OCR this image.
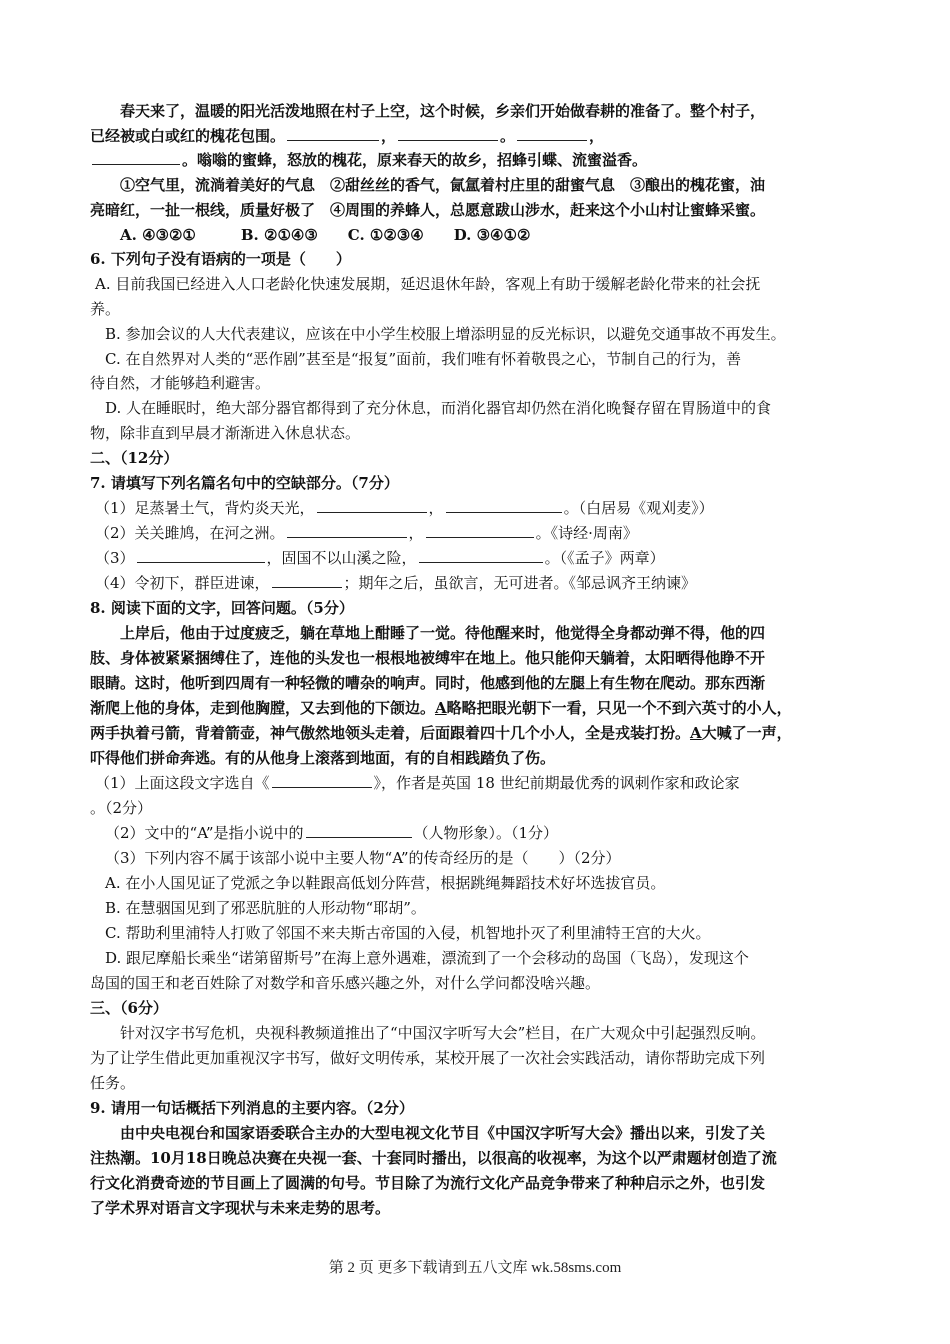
春天来了，温暖的阳光活泼地照在村子上空，这个时候，乡亲们开始做春耕的准备了。整个村子，
已经被或白或红的槐花包围。	，	。	，
。嗡嗡的蜜蜂，怒放的槐花，原来春天的故乡，招蜂引蝶、流蜜溢香。
①空气里，流淌着美好的气息　②甜丝丝的香气，氤氲着村庄里的甜蜜气息　③酿出的槐花蜜，油
亮暗红，一扯一根线，质量好极了　④周围的养蜂人，总愿意跋山涉水，赶来这个小山村让蜜蜂采蜜。
A. ④③②①　　　B. ②①④③　　C. ①②③④　　D. ③④①②
6. 下列句子没有语病的一项是（　　）
A. 目前我国已经进入人口老龄化快速发展期，延迟退休年龄，客观上有助于缓解老龄化带来的社会抚
养。
B. 参加会议的人大代表建议，应该在中小学生校服上增添明显的反光标识，以避免交通事故不再发生。
C. 在自然界对人类的“恶作剧”甚至是“报复”面前，我们唯有怀着敬畏之心，节制自己的行为，善
待自然，才能够趋利避害。
D. 人在睡眠时，绝大部分器官都得到了充分休息，而消化器官却仍然在消化晚餐存留在胃肠道中的食
物，除非直到早晨才渐渐进入休息状态。
二、（12分）
7. 请填写下列名篇名句中的空缺部分。（7分）
（1）足蒸暑土气，背灼炎天光，	，	。（白居易《观刈麦》）
（2）关关雎鸠，在河之洲。	，	。《诗经·周南》
（3）	，固国不以山溪之险，	。（《孟子》两章）
（4）令初下，群臣进谏，	；期年之后，虽欲言，无可进者。《邹忌讽齐王纳谏》
8. 阅读下面的文字，回答问题。（5分）
上岸后，他由于过度疲乏，躺在草地上酣睡了一觉。待他醒来时，他觉得全身都动弹不得，他的四
肢、身体被紧紧捆缚住了，连他的头发也一根根地被缚牢在地上。他只能仰天躺着，太阳晒得他睁不开
眼睛。这时，他听到四周有一种轻微的嘈杂的响声。同时，他感到他的左腿上有生物在爬动。那东西渐
渐爬上他的身体，走到他胸膛，又去到他的下颌边。A略略把眼光朝下一看，只见一个不到六英寸的小人，
两手执着弓箭，背着箭壶，神气傲然地领头走着，后面跟着四十几个小人，全是戎装打扮。A大喊了一声，
吓得他们拼命奔逃。有的从他身上滚落到地面，有的自相践踏负了伤。
（1）上面这段文字选自《	》，作者是英国 18 世纪前期最优秀的讽刺作家和政论家
。（2分）
（2）文中的“A”是指小说中的	（人物形象）。（1分）
（3）下列内容不属于该部小说中主要人物“A”的传奇经历的是（　　）（2分）
A. 在小人国见证了党派之争以鞋跟高低划分阵营，根据跳绳舞蹈技术好坏选拔官员。
B. 在慧骃国见到了邪恶肮脏的人形动物“耶胡”。
C. 帮助利里浦特人打败了邻国不来夫斯古帝国的入侵，机智地扑灭了利里浦特王宫的大火。
D. 跟尼摩船长乘坐“诺第留斯号”在海上意外遇难，漂流到了一个会移动的岛国（飞岛），发现这个
岛国的国王和老百姓除了对数学和音乐感兴趣之外，对什么学问都没啥兴趣。
三、（6分）
针对汉字书写危机，央视科教频道推出了“中国汉字听写大会”栏目，在广大观众中引起强烈反响。
为了让学生借此更加重视汉字书写，做好文明传承，某校开展了一次社会实践活动，请你帮助完成下列
任务。
9. 请用一句话概括下列消息的主要内容。（2分）
由中央电视台和国家语委联合主办的大型电视文化节目《中国汉字听写大会》播出以来，引发了关
注热潮。10月18日晚总决赛在央视一套、十套同时播出，以很高的收视率，为这个以严肃题材创造了流
行文化消费奇迹的节目画上了圆满的句号。节目除了为流行文化产品竞争带来了种种启示之外，也引发
了学术界对语言文字现状与未来走势的思考。
第 2 页 更多下载请到五八文库 wk.58sms.com
